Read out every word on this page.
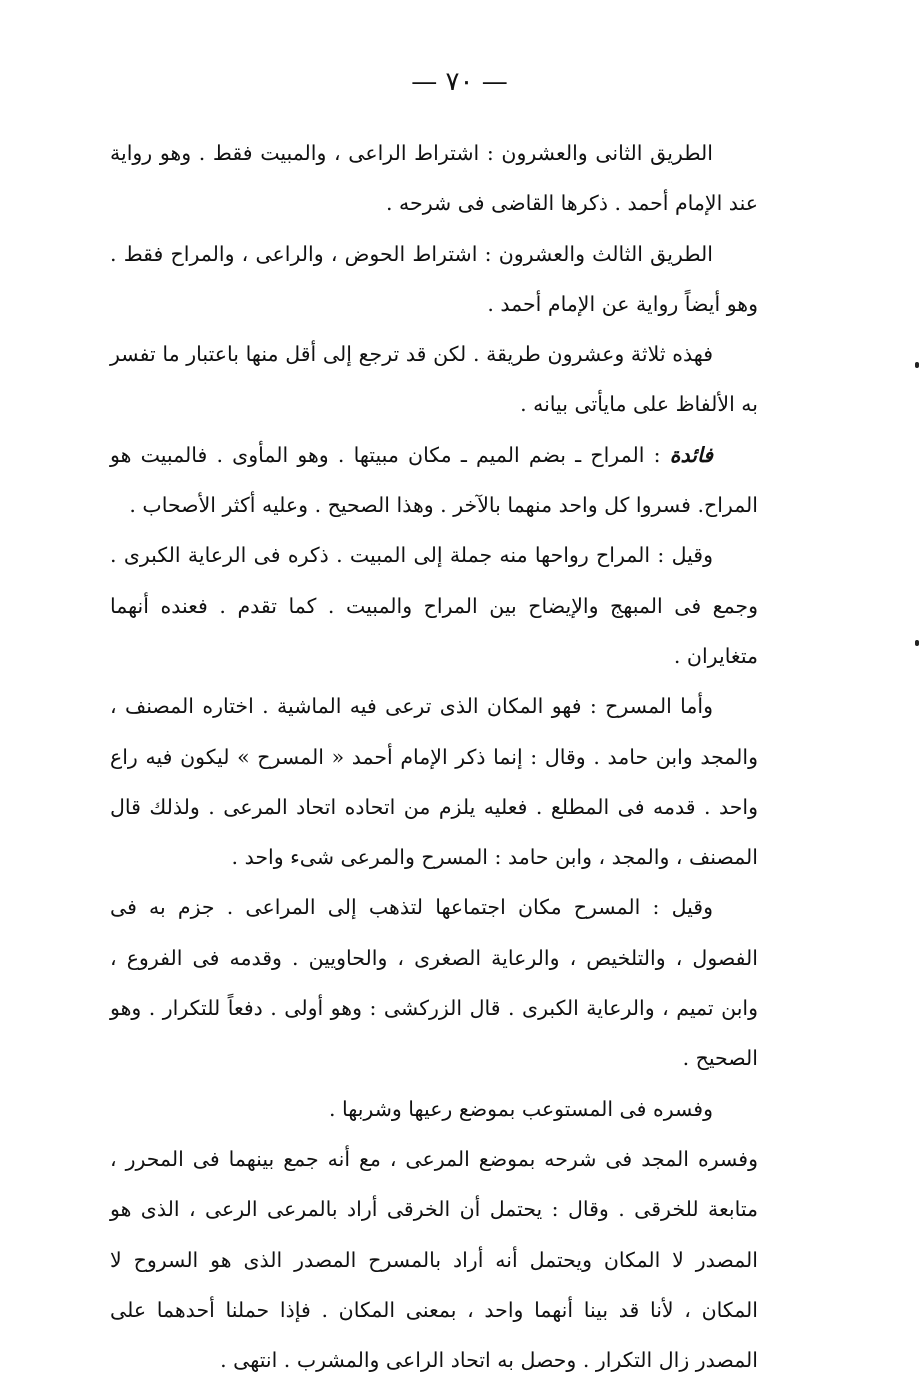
— ٧٠ —

الطريق الثانى والعشرون : اشتراط الراعى ، والمبيت فقط . وهو رواية عند الإمام أحمد . ذكرها القاضى فى شرحه .

الطريق الثالث والعشرون : اشتراط الحوض ، والراعى ، والمراح فقط . وهو أيضاً رواية عن الإمام أحمد .

فهذه ثلاثة وعشرون طريقة . لكن قد ترجع إلى أقل منها باعتبار ما تفسر به الألفاظ على مايأتى بيانه .

فائدة : المراح ـ بضم الميم ـ مكان مبيتها . وهو المأوى . فالمبيت هو المراح. فسروا كل واحد منهما بالآخر . وهذا الصحيح . وعليه أكثر الأصحاب .

وقيل : المراح رواحها منه جملة إلى المبيت . ذكره فى الرعاية الكبرى . وجمع فى المبهج والإيضاح بين المراح والمبيت . كما تقدم . فعنده أنهما متغايران .

وأما المسرح : فهو المكان الذى ترعى فيه الماشية . اختاره المصنف ، والمجد وابن حامد . وقال : إنما ذكر الإمام أحمد « المسرح » ليكون فيه راع واحد . قدمه فى المطلع . فعليه يلزم من اتحاده اتحاد المرعى . ولذلك قال المصنف ، والمجد ، وابن حامد : المسرح والمرعى شىء واحد .

وقيل : المسرح مكان اجتماعها لتذهب إلى المراعى . جزم به فى الفصول ، والتلخيص ، والرعاية الصغرى ، والحاويين . وقدمه فى الفروع ، وابن تميم ، والرعاية الكبرى . قال الزركشى : وهو أولى . دفعاً للتكرار . وهو الصحيح .

وفسره فى المستوعب بموضع رعيها وشربها .

وفسره المجد فى شرحه بموضع المرعى ، مع أنه جمع بينهما فى المحرر ، متابعة للخرقى . وقال : يحتمل أن الخرقى أراد بالمرعى الرعى ، الذى هو المصدر لا المكان ويحتمل أنه أراد بالمسرح المصدر الذى هو السروح لا المكان ، لأنا قد بينا أنهما واحد ، بمعنى المكان . فإذا حملنا أحدهما على المصدر زال التكرار . وحصل به اتحاد الراعى والمشرب . انتهى .
